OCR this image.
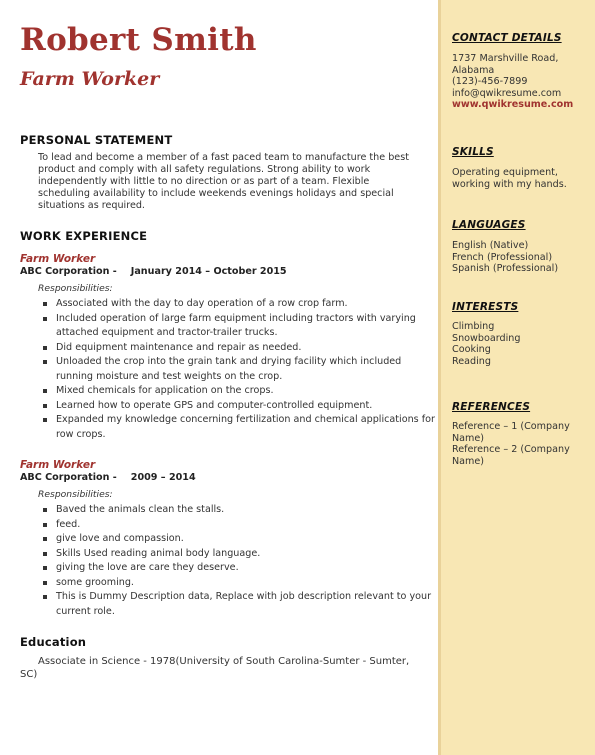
Robert Smith
Farm Worker
PERSONAL STATEMENT
To lead and become a member of a fast paced team to manufacture the best product and comply with all safety regulations. Strong ability to work independently with little to no direction or as part of a team. Flexible scheduling availability to include weekends evenings holidays and special situations as required.
WORK EXPERIENCE
Farm Worker
ABC Corporation - January 2014 – October 2015
Responsibilities:
Associated with the day to day operation of a row crop farm.
Included operation of large farm equipment including tractors with varying attached equipment and tractor-trailer trucks.
Did equipment maintenance and repair as needed.
Unloaded the crop into the grain tank and drying facility which included running moisture and test weights on the crop.
Mixed chemicals for application on the crops.
Learned how to operate GPS and computer-controlled equipment.
Expanded my knowledge concerning fertilization and chemical applications for row crops.
Farm Worker
ABC Corporation - 2009 – 2014
Responsibilities:
Baved the animals clean the stalls.
feed.
give love and compassion.
Skills Used reading animal body language.
giving the love are care they deserve.
some grooming.
This is Dummy Description data, Replace with job description relevant to your current role.
Education
Associate in Science - 1978(University of South Carolina-Sumter - Sumter, SC)
CONTACT DETAILS
1737 Marshville Road,
Alabama
(123)-456-7899
info@qwikresume.com
www.qwikresume.com
SKILLS
Operating equipment, working with my hands.
LANGUAGES
English (Native)
French (Professional)
Spanish (Professional)
INTERESTS
Climbing
Snowboarding
Cooking
Reading
REFERENCES
Reference – 1 (Company Name)
Reference – 2 (Company Name)
